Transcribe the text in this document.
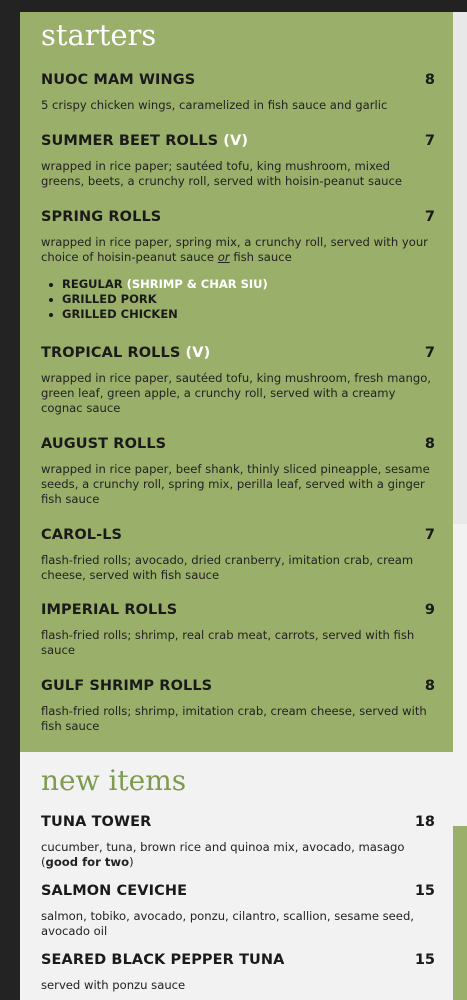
starters
NUOC MAM WINGS	8
5 crispy chicken wings, caramelized in fish sauce and garlic
SUMMER BEET ROLLS (V)	7
wrapped in rice paper; sautéed tofu, king mushroom, mixed greens, beets, a crunchy roll, served with hoisin-peanut sauce
SPRING ROLLS	7
wrapped in rice paper, spring mix, a crunchy roll, served with your choice of hoisin-peanut sauce or fish sauce
REGULAR (SHRIMP & CHAR SIU)
GRILLED PORK
GRILLED CHICKEN
TROPICAL ROLLS (V)	7
wrapped in rice paper, sautéed tofu, king mushroom, fresh mango, green leaf, green apple, a crunchy roll, served with a creamy cognac sauce
AUGUST ROLLS	8
wrapped in rice paper, beef shank, thinly sliced pineapple, sesame seeds, a crunchy roll, spring mix, perilla leaf, served with a ginger fish sauce
CAROL-LS	7
flash-fried rolls; avocado, dried cranberry, imitation crab, cream cheese, served with fish sauce
IMPERIAL ROLLS	9
flash-fried rolls; shrimp, real crab meat, carrots, served with fish sauce
GULF SHRIMP ROLLS	8
flash-fried rolls; shrimp, imitation crab, cream cheese, served with fish sauce
new items
TUNA TOWER	18
cucumber, tuna, brown rice and quinoa mix, avocado, masago (good for two)
SALMON CEVICHE	15
salmon, tobiko, avocado, ponzu, cilantro, scallion, sesame seed, avocado oil
SEARED BLACK PEPPER TUNA	15
served with ponzu sauce
